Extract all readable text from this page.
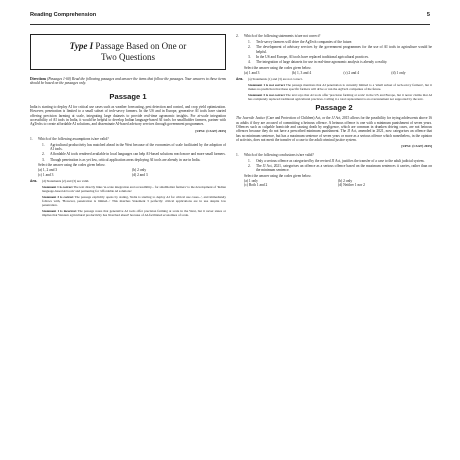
Reading Comprehension	5
Type I Passage Based on One or
Two Questions
Directions (Passages 1-60) Read the following passages and answer the items that follow the passages. Your answers to these items should be based on the passages only.
Passage 1
India is starting to deploy AI for critical use cases such as weather forecasting, pest detection and control, and crop yield optimization. However, penetration is limited to a small subset of tech-savvy farmers. In the US and in Europe, generative AI tools have started offering precision farming at scale, integrating large datasets to provide real-time agronomic insights. For at-scale integration accessibility of AI tools in India, it would be helpful to develop Indian language-based AI tools for smallholder farmers, partner with AgTechs to create affordable AI solutions, and disseminate AI-based advisory services through government programmes.
[UPSC (CSAT) 2025]
1.	Which of the following assumptions is/are valid?
1.	Agricultural productivity has matched ahead in the West because of the economies of scale facilitated by the adoption of AI tools.
2.	Affordable AI tools rendered available in local languages can help AI-based solutions reach more and more small farmers.
3.	Though penetration is as yet low, critical application areas deploying AI tools are already in use in India.
Select the answer using the codes given below.
(a) 1, 2 and 3	(b) 2 only
(c) 1 and 3	(d) 2 and 3
Ans.	(d) Statements (2) and (3) are valid.
Statement 1 is correct The text directly links 'at-scale integration and accessibility... for smallholder farmers' to the development of 'Indian language-based AI tools' and partnering for 'affordable AI solutions'.
Statement 3 is correct The passage explicitly opens by stating, 'India is starting to deploy AI for critical use cases...', and immediately follows with, 'However, penetration is limited...' This matches Statement 3 perfectly: critical applications are in use despite low penetration.
Statement 1 is incorrect The passage notes that generative AI tools offer precision farming at scale in the West, but it never states or implies that Western agricultural productivity has 'marched ahead' because of AI-facilitated economies of scale.
2.	Which of the following statements is/are not correct?
1.	Tech-savvy farmers will drive the AgTech companies of the future.
2.	The development of advisory services by the government programmes for the use of AI tools in agriculture would be helpful.
3.	In the US and Europe, AI tools have replaced traditional agricultural practices.
4.	The integration of large datasets for use in real-time agronomic analysis is already a reality.
Select the answer using the codes given below.
(a) 1 and 3	(b) 1, 3 and 4	(c) 2 and 4	(d) 1 only
Ans.	(a) Statements (1) and (3) are not correct.
Statement 1 is not correct The passage mentions that AI penetration is currently limited to a 'small subset of tech-savvy farmers', but it makes no prediction that these specific farmers will drive or run the AgTech companies of the future.
Statement 3 is not correct The text says that AI tools offer 'precision farming at scale' in the US and Europe, but it never claims that AI has completely replaced traditional agricultural practices. Calling it a total replacement is an overstatement not supported by the text.
Passage 2
The Juvenile Justice (Care and Protection of Children) Act, or the JJ Act, 2015 allows for the possibility for trying adolescents above 16 as adults if they are accused of committing a heinous offence. A heinous offence is one with a minimum punishment of seven years. Offences such as culpable homicide and causing death by negligence, which are common in drunken driving cases, are not heinous offences because they do not have a prescribed minimum punishment. The JJ Act, amended in 2021, now categorises an offence that has no minimum sentence, but has a maximum sentence of seven years or more as a serious offence which nonetheless, in the opinion of activists, does not merit the transfer of a case to the adult criminal justice system.
[UPSC (CSAT) 2025]
1.	Which of the following conclusions is/are valid?
1.	Only a serious offence as categorised by the revised JJ Act, justifies the transfer of a case to the adult judicial system.
2.	The JJ Act, 2021, categorises an offence as a serious offence based on the maximum sentences it carries, rather than on the minimum sentence.
Select the answer using the codes given below.
(a) 1 only	(b) 2 only
(c) Both 1 and 2	(d) Neither 1 nor 2
